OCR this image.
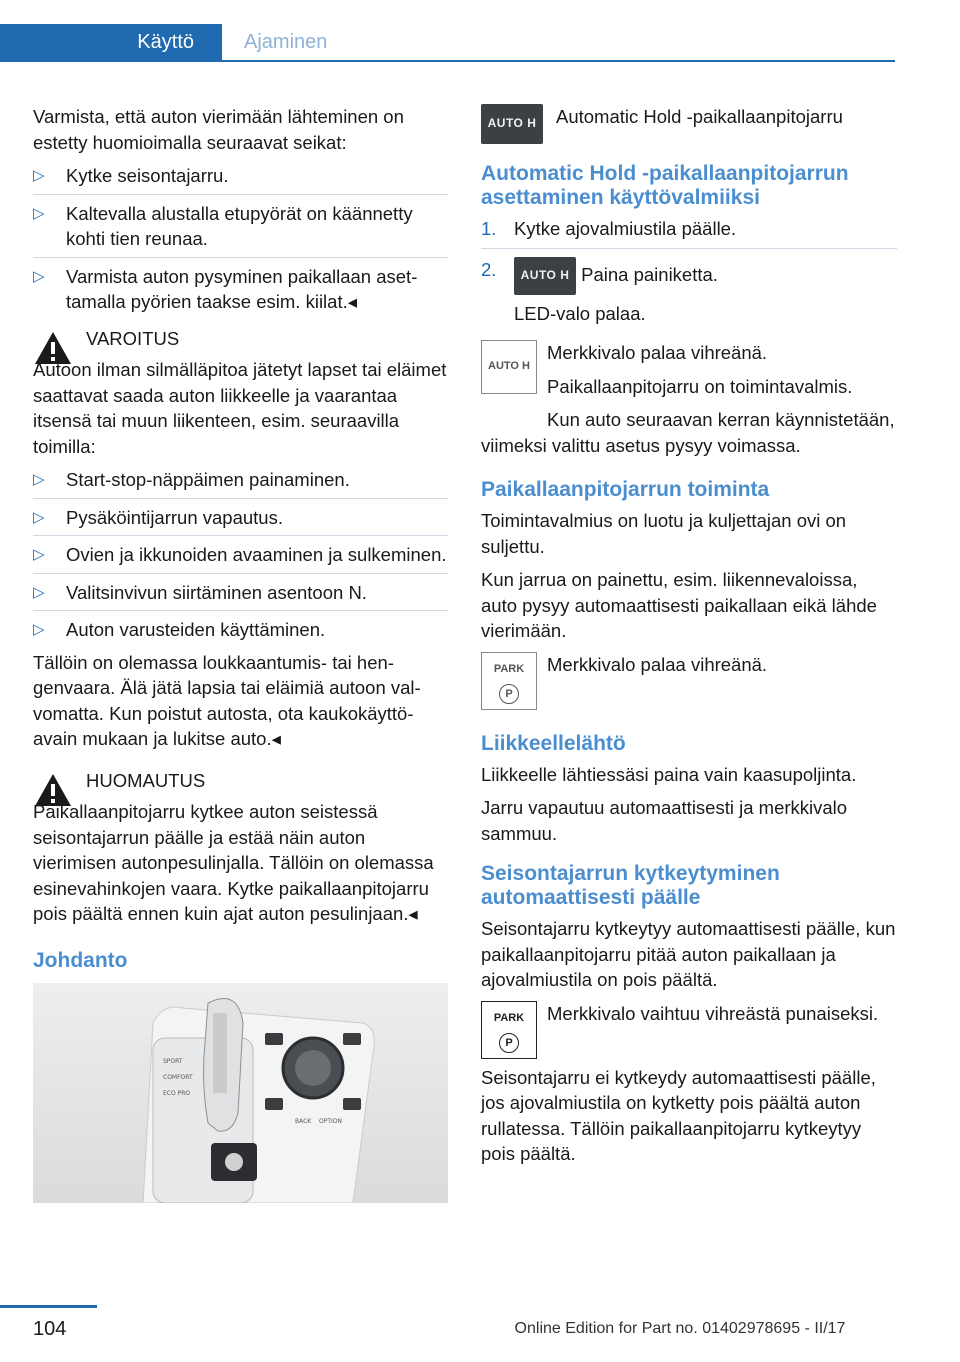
Käyttö	Ajaminen

Varmista, että auton vierimään lähteminen on estetty huomioimalla seuraavat seikat:

▷ Kytke seisontajarru.
▷ Kaltevalla alustalla etupyörät on käännetty kohti tien reunaa.
▷ Varmista auton pysyminen paikallaan asettamalla pyörien taakse esim. kiilat.◂
VAROITUS

Autoon ilman silmälläpitoa jätetyt lapset tai eläimet saattavat saada auton liikkeelle ja vaarantaa itsensä tai muun liikenteen, esim. seuraavilla toimilla:

▷ Start-stop-näppäimen painaminen.
▷ Pysäköintijarrun vapautus.
▷ Ovien ja ikkunoiden avaaminen ja sulkeminen.
▷ Valitsinvivun siirtäminen asentoon N.
▷ Auton varusteiden käyttäminen.

Tällöin on olemassa loukkaantumis- tai hengenvaara. Älä jätä lapsia tai eläimiä autoon valvomatta. Kun poistut autosta, ota kaukokäyttöavain mukaan ja lukitse auto.◂

HUOMAUTUS

Paikallaanpitojarru kytkee auton seistessä seisontajarrun päälle ja estää näin auton vierimisen autonpesulinjalla. Tällöin on olemassa esinevahinkojen vaara. Kytke paikallaanpitojarru pois päältä ennen kuin ajat auton pesulinjaan.◂

Johdanto
SPORT
COMFORT
ECO PRO
BACK OPTION
AUTO H	Automatic Hold -paikallaanpitojarru
Automatic Hold -paikallaanpitojarrun asettaminen käyttövalmiiksi
1. Kytke ajovalmiustila päälle.
2. AUTO H Paina painiketta.
LED-valo palaa.
AUTO H

Merkkivalo palaa vihreänä.

Paikallaanpitojarru on toimintavalmis.

Kun auto seuraavan kerran käynnistetään, viimeksi valittu asetus pysyy voimassa.

Paikallaanpitojarrun toiminta

Toimintavalmius on luotu ja kuljettajan ovi on suljettu.

Kun jarrua on painettu, esim. liikennevaloissa, auto pysyy automaattisesti paikallaan eikä lähde vierimään.

PARK
P

Merkkivalo palaa vihreänä.

Liikkeellelähtö

Liikkeelle lähtiessäsi paina vain kaasupoljinta.

Jarru vapautuu automaattisesti ja merkkivalo sammuu.

Seisontajarrun kytkeytyminen automaattisesti päälle

Seisontajarru kytkeytyy automaattisesti päälle, kun paikallaanpitojarru pitää auton paikallaan ja ajovalmiustila on pois päältä.

PARK
P

Merkkivalo vaihtuu vihreästä punaiseksi.

Seisontajarru ei kytkeydy automaattisesti päälle, jos ajovalmiustila on kytketty pois päältä auton rullatessa. Tällöin paikallaanpitojarru kytkeytyy pois päältä.

104	Online Edition for Part no. 01402978695 - II/17
